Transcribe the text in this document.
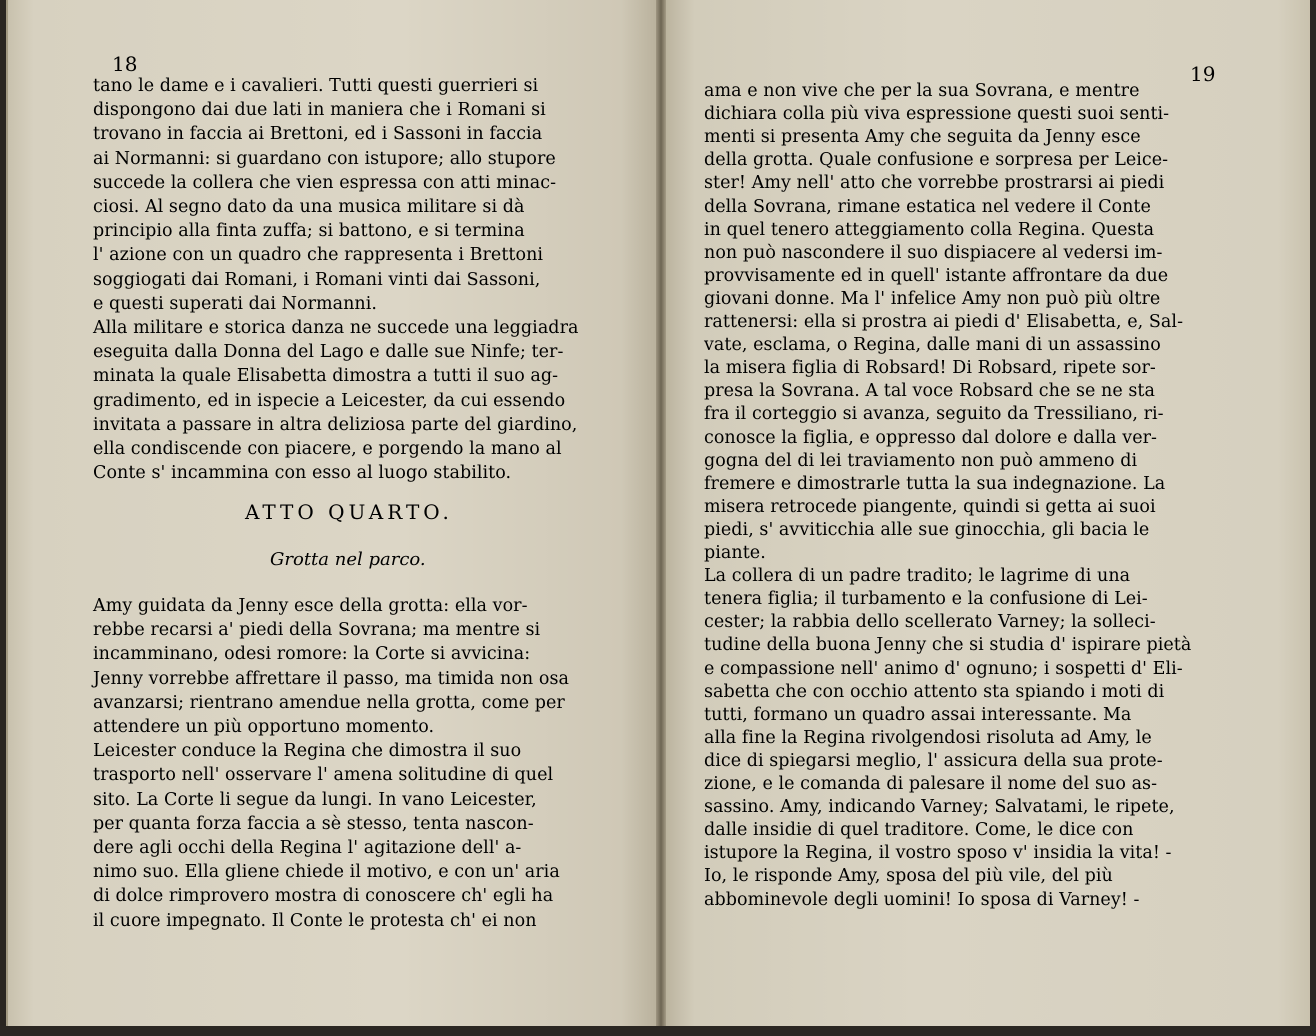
18	19
tano le dame e i cavalieri. Tutti questi guerrieri si
dispongono dai due lati in maniera che i Romani si
trovano in faccia ai Brettoni, ed i Sassoni in faccia
ai Normanni: si guardano con istupore; allo stupore
succede la collera che vien espressa con atti minac-
ciosi. Al segno dato da una musica militare si dà
principio alla finta zuffa; si battono, e si termina
l' azione con un quadro che rappresenta i Brettoni
soggiogati dai Romani, i Romani vinti dai Sassoni,
e questi superati dai Normanni.
Alla militare e storica danza ne succede una leggiadra
eseguita dalla Donna del Lago e dalle sue Ninfe; ter-
minata la quale Elisabetta dimostra a tutti il suo ag-
gradimento, ed in ispecie a Leicester, da cui essendo
invitata a passare in altra deliziosa parte del giardino,
ella condiscende con piacere, e porgendo la mano al
Conte s' incammina con esso al luogo stabilito.
ATTO QUARTO.
Grotta nel parco.
Amy guidata da Jenny esce della grotta: ella vor-
rebbe recarsi a' piedi della Sovrana; ma mentre si
incamminano, odesi romore: la Corte si avvicina:
Jenny vorrebbe affrettare il passo, ma timida non osa
avanzarsi; rientrano amendue nella grotta, come per
attendere un più opportuno momento.
Leicester conduce la Regina che dimostra il suo
trasporto nell' osservare l' amena solitudine di quel
sito. La Corte li segue da lungi. In vano Leicester,
per quanta forza faccia a sè stesso, tenta nascon-
dere agli occhi della Regina l' agitazione dell' a-
nimo suo. Ella gliene chiede il motivo, e con un' aria
di dolce rimprovero mostra di conoscere ch' egli ha
il cuore impegnato. Il Conte le protesta ch' ei non
ama e non vive che per la sua Sovrana, e mentre
dichiara colla più viva espressione questi suoi senti-
menti si presenta Amy che seguita da Jenny esce
della grotta. Quale confusione e sorpresa per Leice-
ster! Amy nell' atto che vorrebbe prostrarsi ai piedi
della Sovrana, rimane estatica nel vedere il Conte
in quel tenero atteggiamento colla Regina. Questa
non può nascondere il suo dispiacere al vedersi im-
provvisamente ed in quell' istante affrontare da due
giovani donne. Ma l' infelice Amy non può più oltre
rattenersi: ella si prostra ai piedi d' Elisabetta, e, Sal-
vate, esclama, o Regina, dalle mani di un assassino
la misera figlia di Robsard! Di Robsard, ripete sor-
presa la Sovrana. A tal voce Robsard che se ne sta
fra il corteggio si avanza, seguito da Tressiliano, ri-
conosce la figlia, e oppresso dal dolore e dalla ver-
gogna del di lei traviamento non può ammeno di
fremere e dimostrarle tutta la sua indegnazione. La
misera retrocede piangente, quindi si getta ai suoi
piedi, s' avviticchia alle sue ginocchia, gli bacia le
piante.
La collera di un padre tradito; le lagrime di una
tenera figlia; il turbamento e la confusione di Lei-
cester; la rabbia dello scellerato Varney; la solleci-
tudine della buona Jenny che si studia d' ispirare pietà
e compassione nell' animo d' ognuno; i sospetti d' Eli-
sabetta che con occhio attento sta spiando i moti di
tutti, formano un quadro assai interessante. Ma
alla fine la Regina rivolgendosi risoluta ad Amy, le
dice di spiegarsi meglio, l' assicura della sua prote-
zione, e le comanda di palesare il nome del suo as-
sassino. Amy, indicando Varney; Salvatami, le ripete,
dalle insidie di quel traditore. Come, le dice con
istupore la Regina, il vostro sposo v' insidia la vita! -
Io, le risponde Amy, sposa del più vile, del più
abbominevole degli uomini! Io sposa di Varney! -
